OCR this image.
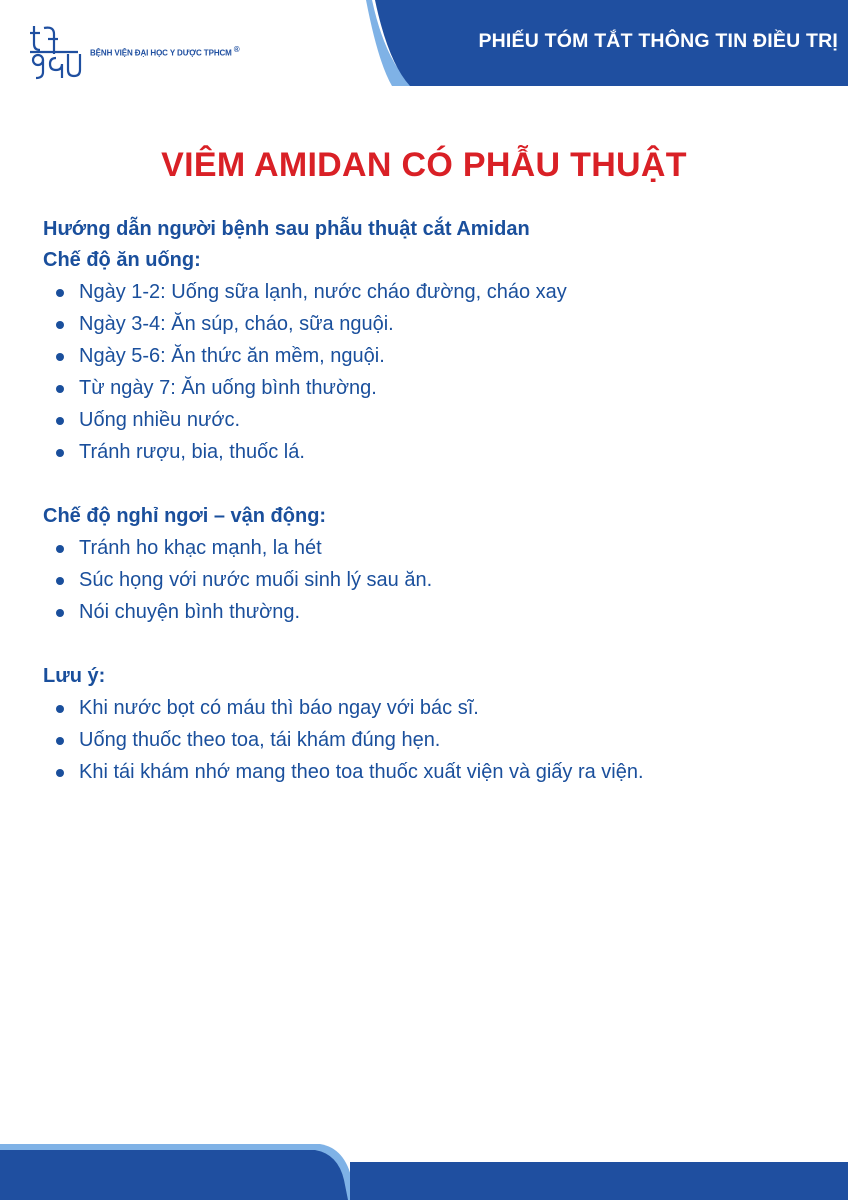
PHIẾU TÓM TẮT THÔNG TIN ĐIỀU TRỊ
BỆNH VIỆN ĐẠI HỌC Y DƯỢC TPHCM ®
VIÊM AMIDAN CÓ PHẪU THUẬT

Hướng dẫn người bệnh sau phẫu thuật cắt Amidan

Chế độ ăn uống:

Ngày 1-2: Uống sữa lạnh, nước cháo đường, cháo xay
Ngày 3-4: Ăn súp, cháo, sữa nguội.
Ngày 5-6: Ăn thức ăn mềm, nguội.
Từ ngày 7: Ăn uống bình thường.
Uống nhiều nước.
Tránh rượu, bia, thuốc lá.

Chế độ nghỉ ngơi – vận động:

Tránh ho khạc mạnh, la hét
Súc họng với nước muối sinh lý sau ăn.
Nói chuyện bình thường.

Lưu ý:

Khi nước bọt có máu thì báo ngay với bác sĩ.
Uống thuốc theo toa, tái khám đúng hẹn.
Khi tái khám nhớ mang theo toa thuốc xuất viện và giấy ra viện.
